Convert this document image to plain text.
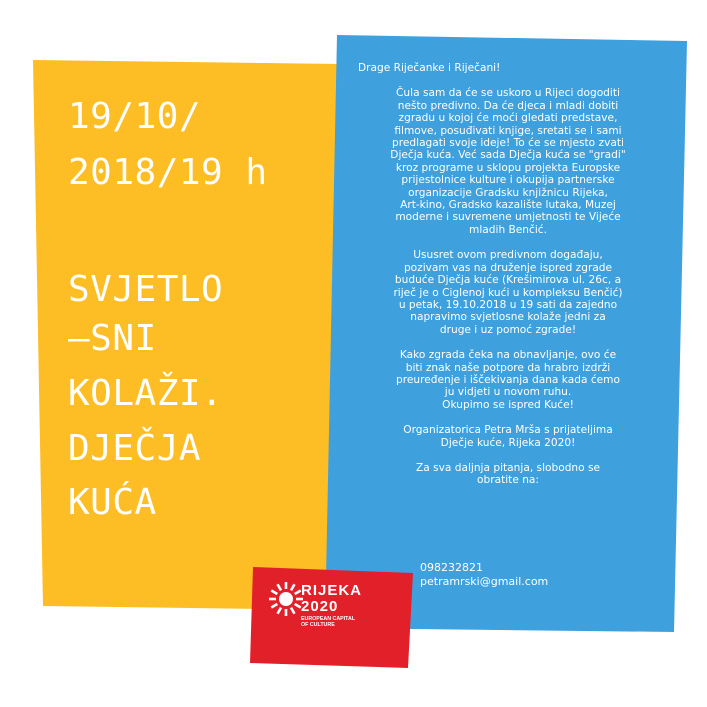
19/10/
2018/19 h
SVJETLO
—SNI
KOLAŽI.
DJEČJA
KUĆA

Drage Riječanke i Riječani!

Čula sam da će se uskoro u Rijeci dogoditi
nešto predivno. Da će djeca i mladi dobiti
zgradu u kojoj će moći gledati predstave,
filmove, posuđivati knjige, sretati se i sami
predlagati svoje ideje! To će se mjesto zvati
Dječja kuća. Već sada Dječja kuća se "gradi"
kroz programe u sklopu projekta Europske
prijestolnice kulture i okupija partnerske
organizacije Gradsku knjižnicu Rijeka,
Art-kino, Gradsko kazalište lutaka, Muzej
moderne i suvremene umjetnosti te Vijeće
mladih Benčić.

Ususret ovom predivnom događaju,
pozivam vas na druženje ispred zgrade
buduće Dječja kuće (Krešimirova ul. 26c, a
riječ je o Ciglenoj kući u kompleksu Benčić)
u petak, 19.10.2018 u 19 sati da zajedno
napravimo svjetlosne kolaže jedni za
druge i uz pomoć zgrade!

Kako zgrada čeka na obnavljanje, ovo će
biti znak naše potpore da hrabro izdrži
preuređenje i iščekivanja dana kada ćemo
ju vidjeti u novom ruhu.
Okupimo se ispred Kuće!

Organizatorica Petra Mrša s prijateljima
Dječje kuće, Rijeka 2020!

Za sva daljnja pitanja, slobodno se
obratite na:

098232821
petramrski@gmail.com
RIJEKA
2020
EUROPEAN CAPITAL
OF CULTURE
